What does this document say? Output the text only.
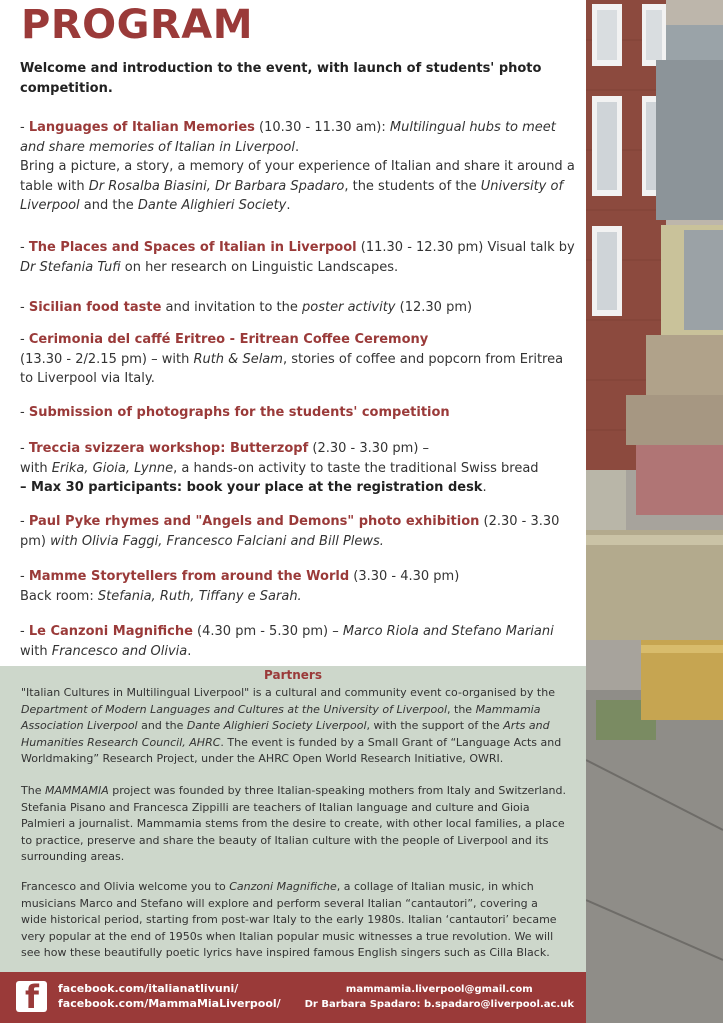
PROGRAM
Welcome and introduction to the event, with launch of students' photo competition.
- Languages of Italian Memories (10.30 - 11.30 am): Multilingual hubs to meet and share memories of Italian in Liverpool.
Bring a picture, a story, a memory of your experience of Italian and share it around a table with Dr Rosalba Biasini, Dr Barbara Spadaro, the students of the University of Liverpool and the Dante Alighieri Society.
- The Places and Spaces of Italian in Liverpool (11.30 - 12.30 pm) Visual talk by Dr Stefania Tufi on her research on Linguistic Landscapes.
- Sicilian food taste and invitation to the poster activity (12.30 pm)
- Cerimonia del caffé Eritreo - Eritrean Coffee Ceremony
(13.30 - 2/2.15 pm) – with Ruth & Selam, stories of coffee and popcorn from Eritrea to Liverpool via Italy.
- Submission of photographs for the students' competition
- Treccia svizzera workshop: Butterzopf (2.30 - 3.30 pm) –
with Erika, Gioia, Lynne, a hands-on activity to taste the traditional Swiss bread
– Max 30 participants: book your place at the registration desk.
- Paul Pyke rhymes and "Angels and Demons" photo exhibition (2.30 - 3.30 pm) with Olivia Faggi, Francesco Falciani and Bill Plews.
- Mamme Storytellers from around the World (3.30 - 4.30 pm)
Back room: Stefania, Ruth, Tiffany e Sarah.
- Le Canzoni Magnifiche (4.30 pm - 5.30 pm) – Marco Riola and Stefano Mariani with Francesco and Olivia.
Partners
"Italian Cultures in Multilingual Liverpool" is a cultural and community event co-organised by the Department of Modern Languages and Cultures at the University of Liverpool, the Mammamia Association Liverpool and the Dante Alighieri Society Liverpool, with the support of the Arts and Humanities Research Council, AHRC. The event is funded by a Small Grant of “Language Acts and Worldmaking” Research Project, under the AHRC Open World Research Initiative, OWRI.
The MAMMAMIA project was founded by three Italian-speaking mothers from Italy and Switzerland. Stefania Pisano and Francesca Zippilli are teachers of Italian language and culture and Gioia Palmieri a journalist. Mammamia stems from the desire to create, with other local families, a place to practice, preserve and share the beauty of Italian culture with the people of Liverpool and its surrounding areas.
Francesco and Olivia welcome you to Canzoni Magnifiche, a collage of Italian music, in which musicians Marco and Stefano will explore and perform several Italian “cantautori”, covering a wide historical period, starting from post-war Italy to the early 1980s. Italian ‘cantautori’ became very popular at the end of 1950s when Italian popular music witnesses a true revolution. We will see how these beautifully poetic lyrics have inspired famous English singers such as Cilla Black.
f facebook.com/italianatlivuni/
facebook.com/MammaMiaLiverpool/
mammamia.liverpool@gmail.com
Dr Barbara Spadaro: b.spadaro@liverpool.ac.uk
